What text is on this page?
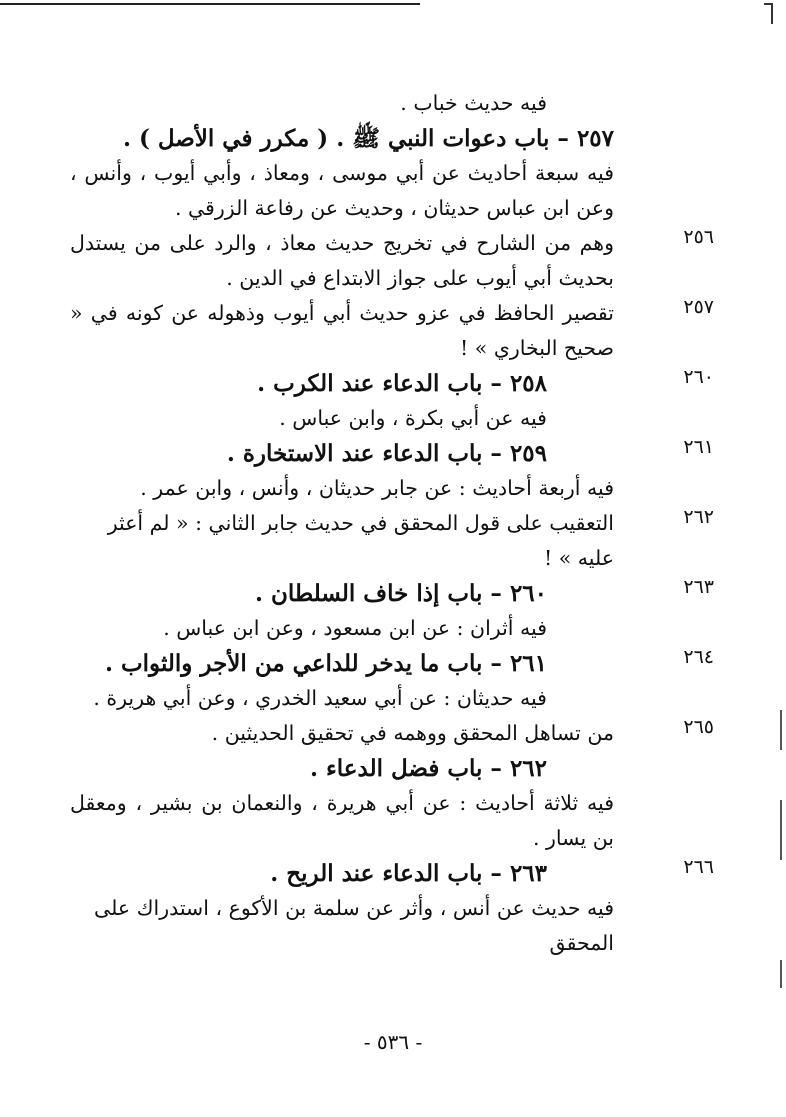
فيه حديث خباب .
٢٥٧ – باب دعوات النبي ﷺ . ( مكرر في الأصل ) .
فيه سبعة أحاديث عن أبي موسى ، ومعاذ ، وأبي أيوب ، وأنس ، وعن ابن عباس حديثان ، وحديث عن رفاعة الزرقي .
٢٥٦
وهم من الشارح في تخريج حديث معاذ ، والرد على من يستدل بحديث أبي أيوب على جواز الابتداع في الدين .
٢٥٧
تقصير الحافظ في عزو حديث أبي أيوب وذهوله عن كونه في « صحيح البخاري » !
٢٦٠
٢٥٨ – باب الدعاء عند الكرب .
فيه عن أبي بكرة ، وابن عباس .
٢٦١
٢٥٩ – باب الدعاء عند الاستخارة .
فيه أربعة أحاديث : عن جابر حديثان ، وأنس ، وابن عمر .
٢٦٢
التعقيب على قول المحقق في حديث جابر الثاني : « لم أعثر عليه » !
٢٦٣
٢٦٠ – باب إذا خاف السلطان .
فيه أثران : عن ابن مسعود ، وعن ابن عباس .
٢٦٤
٢٦١ – باب ما يدخر للداعي من الأجر والثواب .
فيه حديثان : عن أبي سعيد الخدري ، وعن أبي هريرة .
٢٦٥
من تساهل المحقق ووهمه في تحقيق الحديثين .
٢٦٢ – باب فضل الدعاء .
فيه ثلاثة أحاديث : عن أبي هريرة ، والنعمان بن بشير ، ومعقل بن يسار .
٢٦٦
٢٦٣ – باب الدعاء عند الريح .
فيه حديث عن أنس ، وأثر عن سلمة بن الأكوع ، استدراك على المحقق
- ٥٣٦ -
